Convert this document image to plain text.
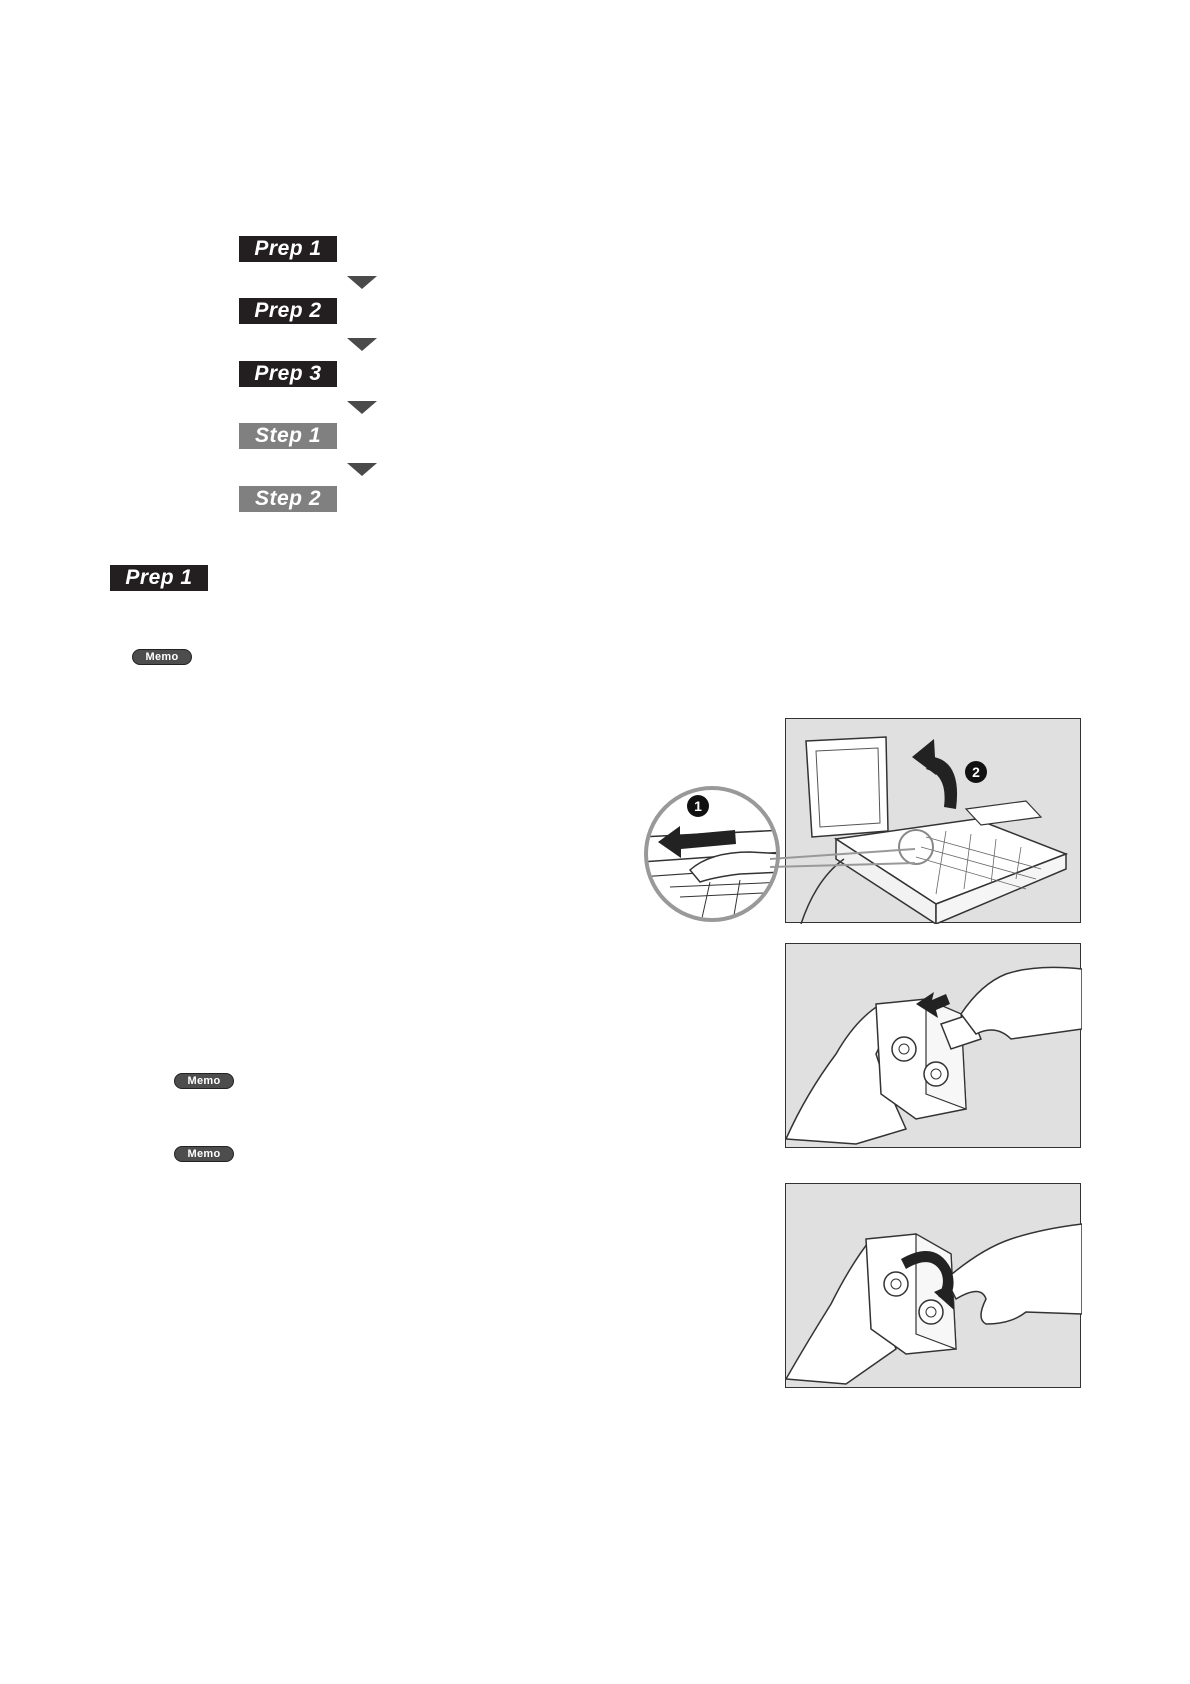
Prep 1
Prep 2
Prep 3
Step 1
Step 2
Prep 1
Memo
Memo
Memo
2
1
